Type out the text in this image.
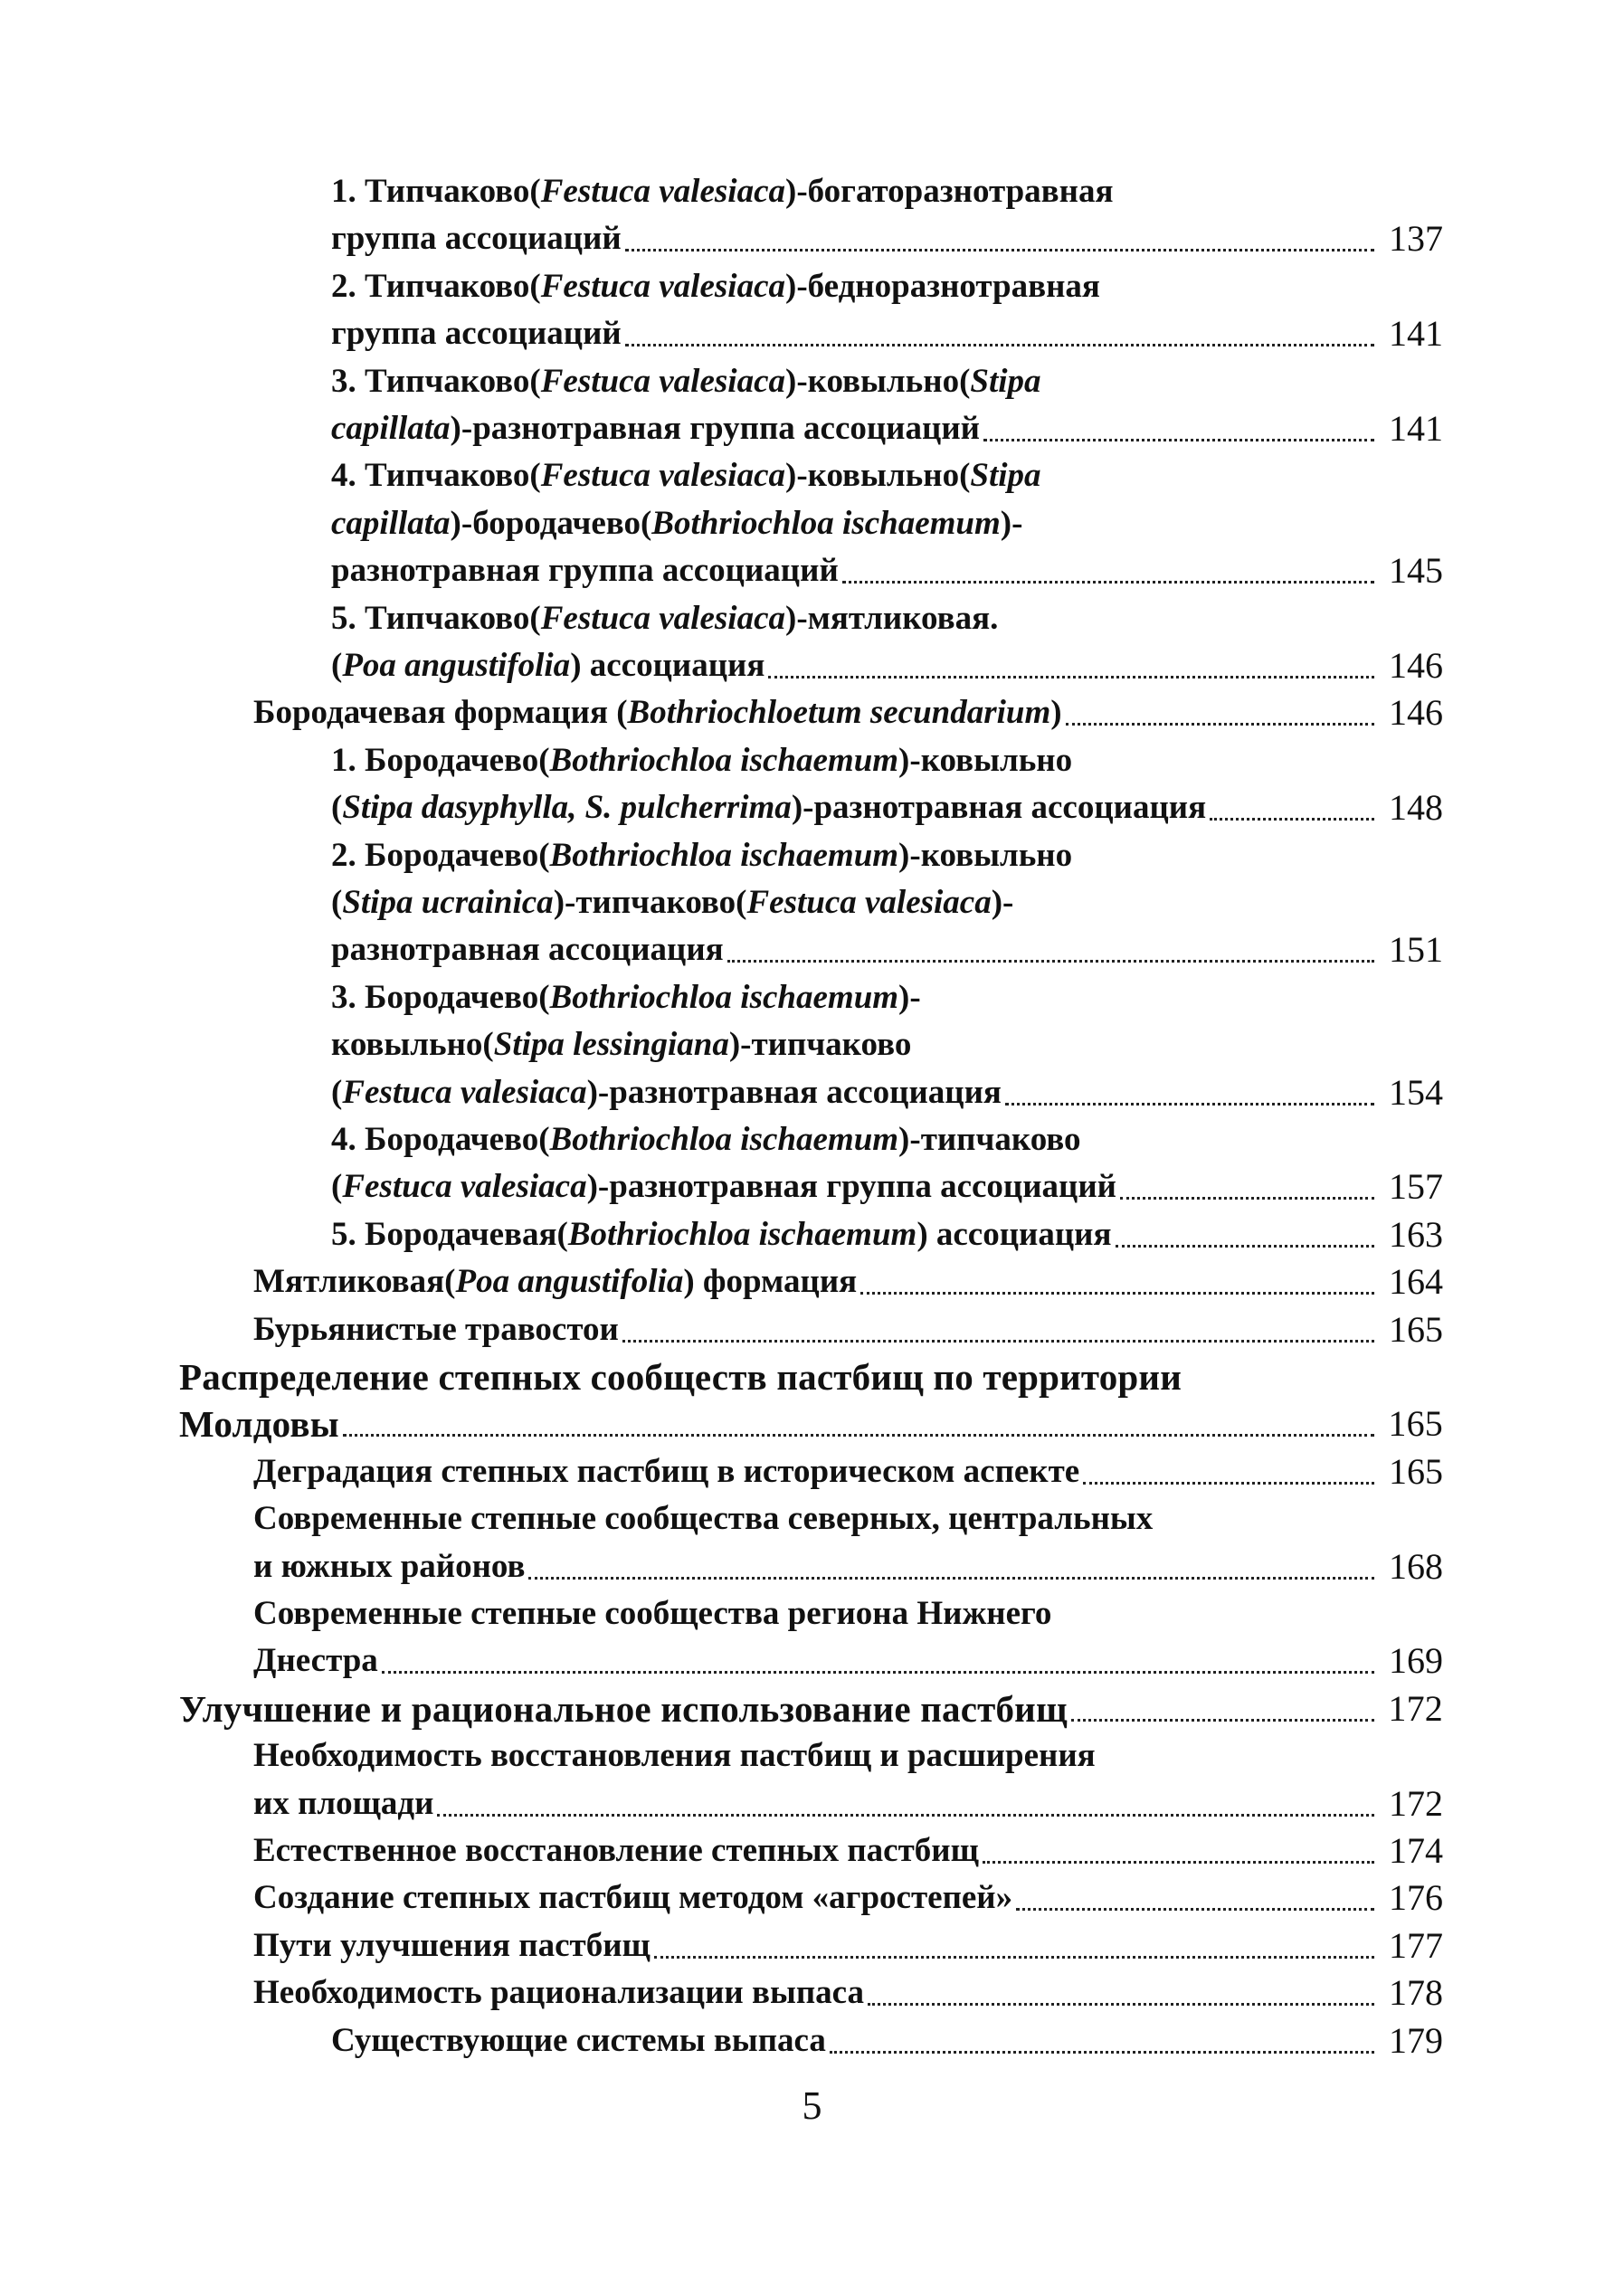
1. Типчаково(Festuca valesiaca)-богаторазнотравная
группа ассоциаций	137
2. Типчаково(Festuca valesiaca)-бедноразнотравная
группа ассоциаций	141
3. Типчаково(Festuca valesiaca)-ковыльно(Stipa
capillata)-разнотравная группа ассоциаций	141
4. Типчаково(Festuca valesiaca)-ковыльно(Stipa
capillata)-бородачево(Bothriochloa ischaemum)-
разнотравная группа ассоциаций	145
5. Типчаково(Festuca valesiaca)-мятликовая.
(Poa angustifolia) ассоциация	146
Бородачевая формация (Bothriochloetum secundarium)	146
1. Бородачево(Bothriochloa ischaemum)-ковыльно
(Stipa dasyphylla, S. pulcherrima)-разнотравная ассоциация	148
2. Бородачево(Bothriochloa ischaemum)-ковыльно
(Stipa ucrainica)-типчаково(Festuca valesiaca)-
разнотравная ассоциация	151
3. Бородачево(Bothriochloa ischaemum)-
ковыльно(Stipa lessingiana)-типчаково
(Festuca valesiaca)-разнотравная ассоциация	154
4. Бородачево(Bothriochloa ischaemum)-типчаково
(Festuca valesiaca)-разнотравная группа ассоциаций	157
5. Бородачевая(Bothriochloa ischaemum) ассоциация	163
Мятликовая(Poa angustifolia) формация	164
Бурьянистые травостои	165
Распределение степных сообществ пастбищ по территории
Молдовы	165
Деградация степных пастбищ в историческом аспекте	165
Современные степные сообщества северных, центральных
и южных районов	168
Современные степные сообщества региона Нижнего
Днестра	169
Улучшение и рациональное использование пастбищ	172
Необходимость восстановления пастбищ и расширения
их площади	172
Естественное восстановление степных пастбищ	174
Создание степных пастбищ методом «агростепей»	176
Пути улучшения пастбищ	177
Необходимость рационализации выпаса	178
Существующие системы выпаса	179
5
